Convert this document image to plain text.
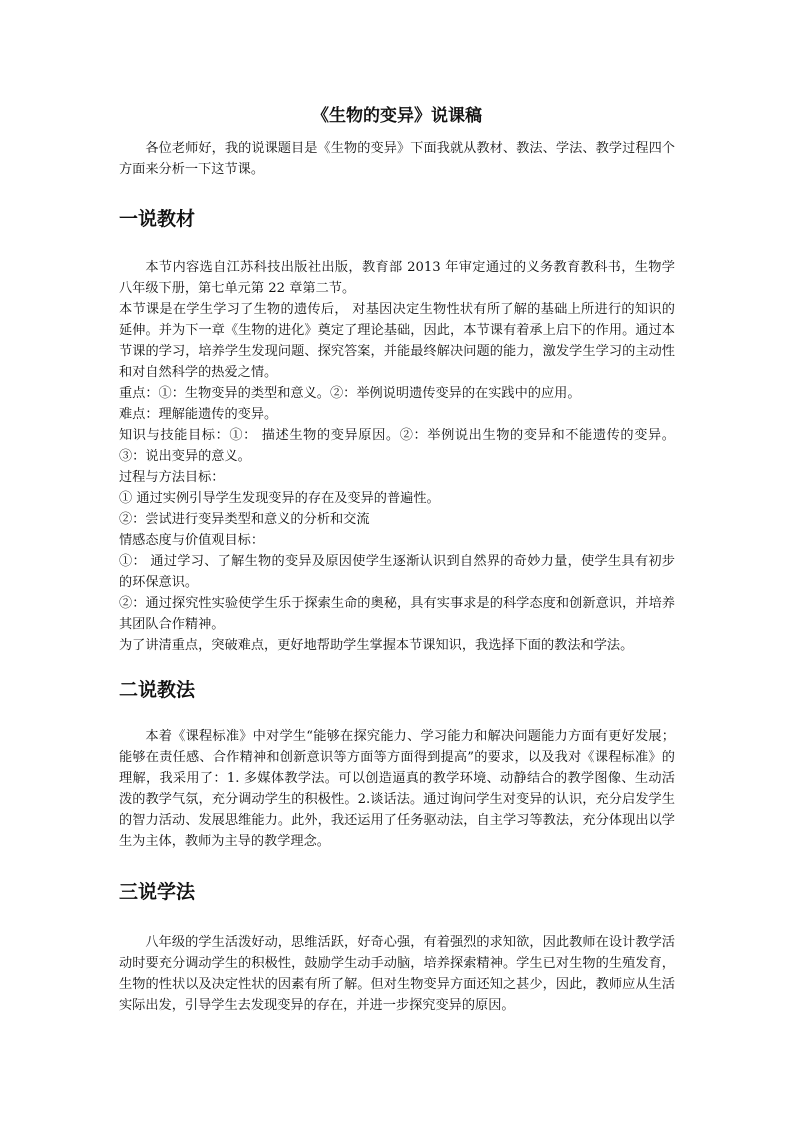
《生物的变异》说课稿

各位老师好，我的说课题目是《生物的变异》下面我就从教材、教法、学法、教学过程四个方面来分析一下这节课。

一说教材

本节内容选自江苏科技出版社出版，教育部 2013 年审定通过的义务教育教科书，生物学八年级下册，第七单元第 22 章第二节。

本节课是在学生学习了生物的遗传后， 对基因决定生物性状有所了解的基础上所进行的知识的延伸。并为下一章《生物的进化》奠定了理论基础，因此，本节课有着承上启下的作用。通过本节课的学习，培养学生发现问题、探究答案，并能最终解决问题的能力，激发学生学习的主动性和对自然科学的热爱之情。

重点：①：生物变异的类型和意义。②：举例说明遗传变异的在实践中的应用。

难点：理解能遗传的变异。

知识与技能目标：①： 描述生物的变异原因。②：举例说出生物的变异和不能遗传的变异。③：说出变异的意义。

过程与方法目标：

① 通过实例引导学生发现变异的存在及变异的普遍性。

②：尝试进行变异类型和意义的分析和交流

情感态度与价值观目标：

①： 通过学习、了解生物的变异及原因使学生逐渐认识到自然界的奇妙力量，使学生具有初步的环保意识。

②：通过探究性实验使学生乐于探索生命的奥秘，具有实事求是的科学态度和创新意识，并培养其团队合作精神。

为了讲清重点，突破难点，更好地帮助学生掌握本节课知识，我选择下面的教法和学法。

二说教法

本着《课程标准》中对学生“能够在探究能力、学习能力和解决问题能力方面有更好发展；能够在责任感、合作精神和创新意识等方面等方面得到提高”的要求，以及我对《课程标准》的理解，我采用了：1. 多媒体教学法。可以创造逼真的教学环境、动静结合的教学图像、生动活泼的教学气氛，充分调动学生的积极性。2.谈话法。通过询问学生对变异的认识，充分启发学生的智力活动、发展思维能力。此外，我还运用了任务驱动法，自主学习等教法，充分体现出以学生为主体，教师为主导的教学理念。

三说学法

八年级的学生活泼好动，思维活跃，好奇心强，有着强烈的求知欲，因此教师在设计教学活动时要充分调动学生的积极性，鼓励学生动手动脑，培养探索精神。学生已对生物的生殖发育，生物的性状以及决定性状的因素有所了解。但对生物变异方面还知之甚少，因此，教师应从生活实际出发，引导学生去发现变异的存在，并进一步探究变异的原因。
